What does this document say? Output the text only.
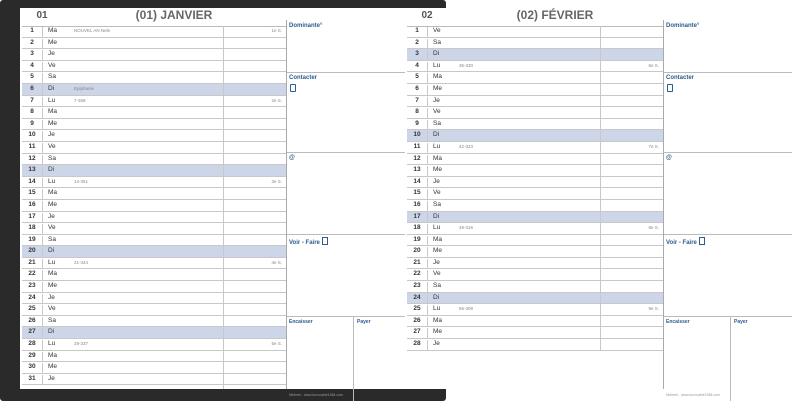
01	(01) JANVIER
1	Ma	NOUVEL AN Nele	1e S.
2	Me
3	Je
4	Ve
5	Sa
6	Di	Epiphanie
7	Lu	7-358	2e S.
8	Ma
9	Me
10	Je
11	Ve
12	Sa
13	Di
14	Lu	14-351	3e S.
15	Ma
16	Me
17	Je
18	Ve
19	Sa
20	Di
21	Lu	21-344	4e S.
22	Ma
23	Me
24	Je
25	Ve
26	Sa
27	Di
28	Lu	28-337	5e S.
29	Ma
30	Me
31	Je
Dominante°
Contacter
@
Voir - Faire
Encaisser	Payer
Ninbeel - www.burocable1984.com
02	(02) FÉVRIER
1	Ve
2	Sa
3	Di
4	Lu	35-330	6e S.
5	Ma
6	Me
7	Je
8	Ve
9	Sa
10	Di
11	Lu	42-323	7e S.
12	Ma
13	Me
14	Je
15	Ve
16	Sa
17	Di
18	Lu	49-316	8e S.
19	Ma
20	Me
21	Je
22	Ve
23	Sa
24	Di
25	Lu	56-309	9e S.
26	Ma
27	Me
28	Je
Dominante°
Contacter
@
Voir - Faire
Encaisser	Payer
Ninbeel - www.burocable1984.com
